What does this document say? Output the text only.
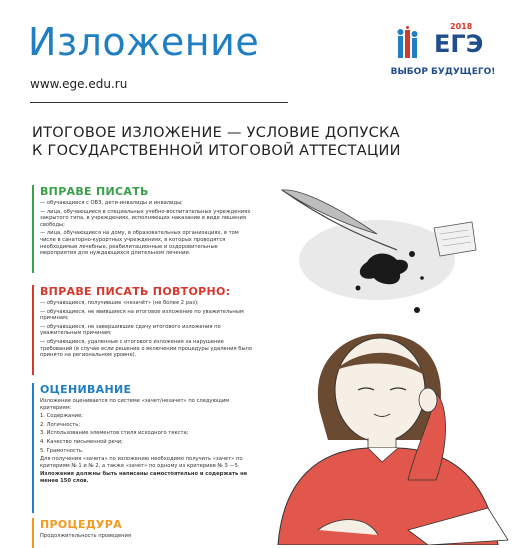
Изложение
www.ege.edu.ru
2018
ЕГЭ
ВЫБОР БУДУЩЕГО!
ИТОГОВОЕ ИЗЛОЖЕНИЕ — УСЛОВИЕ ДОПУСКА
К ГОСУДАРСТВЕННОЙ ИТОГОВОЙ АТТЕСТАЦИИ
ВПРАВЕ ПИСАТЬ

— обучающиеся с ОВЗ, дети-инвалиды и инвалиды;

— лица, обучающиеся в специальных учебно-воспитательных учреждениях закрытого типа, в учреждениях, исполняющих наказание в виде лишения свободы;

— лица, обучающиеся на дому, в образовательных организациях, в том числе в санаторно-курортных учреждениях, в которых проводятся необходимые лечебные, реабилитационные и оздоровительные мероприятия для нуждающихся длительном лечении.

ВПРАВЕ ПИСАТЬ ПОВТОРНО:

— обучающиеся, получившие «незачёт» (не более 2 раз);

— обучающиеся, не явившиеся на итоговое изложение по уважительным причинам;

— обучающиеся, не завершившие сдачу итогового изложения по уважительным причинам;

— обучающиеся, удаленные с итогового изложения за нарушение требований (в случае если решение о включении процедуры удаления было принято на региональном уровне).

ОЦЕНИВАНИЕ

Изложение оценивается по системе «зачет/незачет» по следующим критериям:

1. Содержание;

2. Логичность;

3. Использование элементов стиля исходного текста;

4. Качество письменной речи;

5. Грамотность.

Для получения «зачета» по изложению необходимо получить «зачет» по критериям № 1 и № 2, а также «зачет» по одному из критериев № 3 —5.

Изложения должны быть написаны самостоятельно и содержать не менее 150 слов.

ПРОЦЕДУРА

Продолжительность проведения
